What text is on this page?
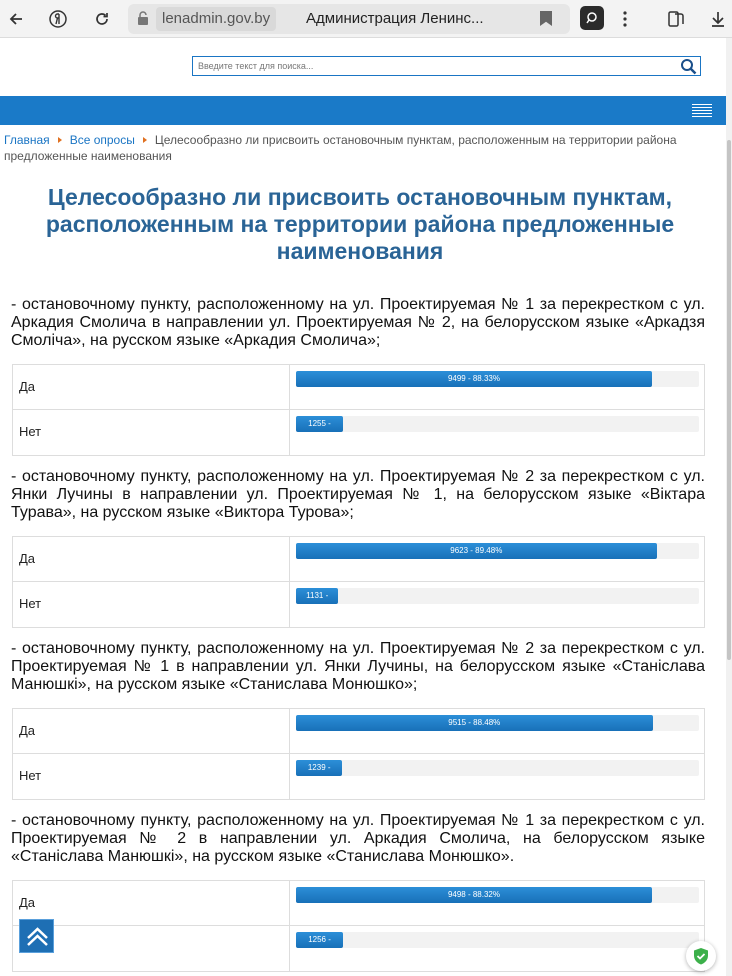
lenadmin.gov.by	Администрация Ленинс...
Введите текст для поиска...
Главная Все опросы Целесообразно ли присвоить остановочным пунктам, расположенным на территории района предложенные наименования
Целесообразно ли присвоить остановочным пунктам, расположенным на территории района предложенные наименования
- остановочному пункту, расположенному на ул. Проектируемая № 1 за перекрестком с ул. Аркадия Смолича в направлении ул. Проектируемая № 2, на белорусском языке «Аркадзя Смоліча», на русском языке «Аркадия Смолича»;
Да
9499 - 88.33%
Нет
1255 -
- остановочному пункту, расположенному на ул. Проектируемая № 2 за перекрестком с ул. Янки Лучины в направлении ул. Проектируемая № 1, на белорусском языке «Віктара Турава», на русском языке «Виктора Турова»;
Да
9623 - 89.48%
Нет
1131 -
- остановочному пункту, расположенному на ул. Проектируемая № 2 за перекрестком с ул. Проектируемая № 1 в направлении ул. Янки Лучины, на белорусском языке «Станіслава Манюшкі», на русском языке «Станислава Монюшко»;
Да
9515 - 88.48%
Нет
1239 -
- остановочному пункту, расположенному на ул. Проектируемая № 1 за перекрестком с ул. Проектируемая № 2 в направлении ул. Аркадия Смолича, на белорусском языке «Станіслава Манюшкі», на русском языке «Станислава Монюшко».
Да
9498 - 88.32%
1256 -
